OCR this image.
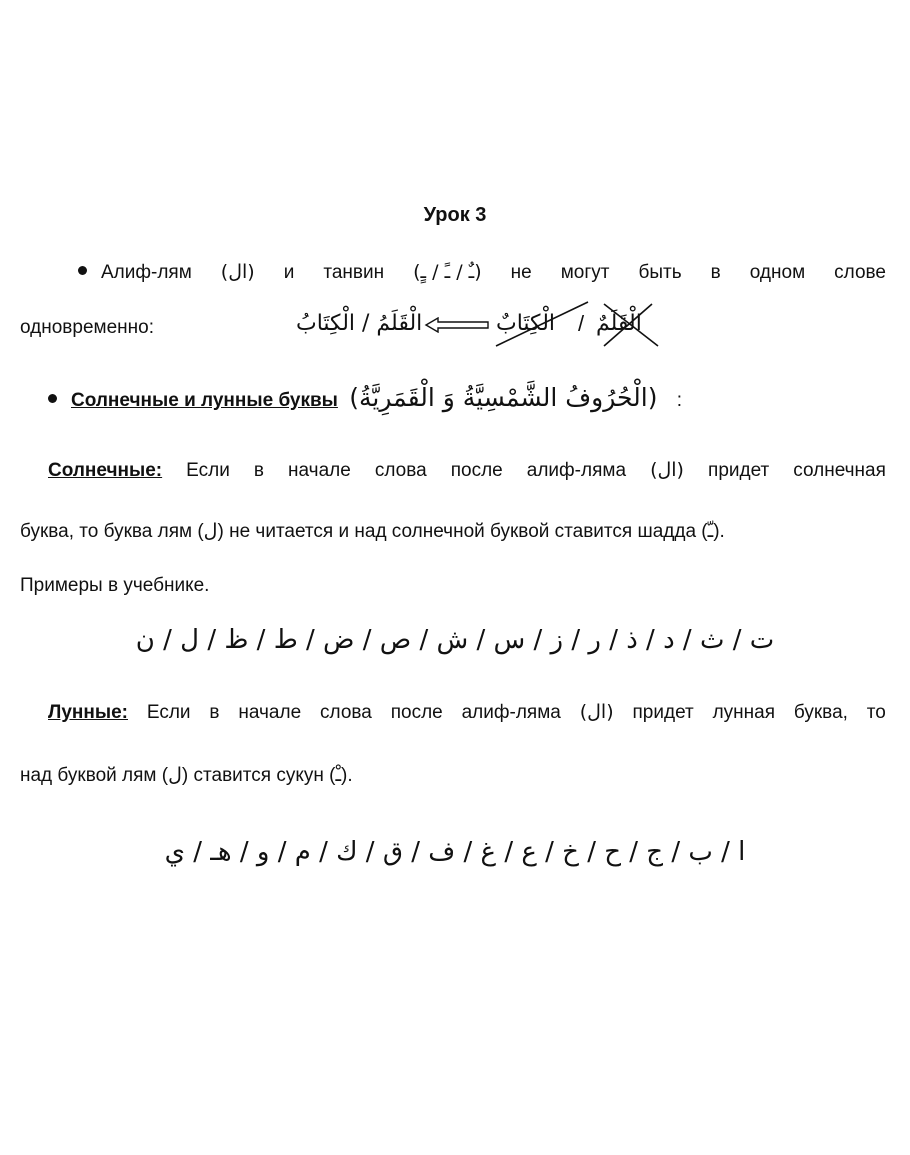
Урок 3
Алиф-лям (ال) и танвин (ـٌ / ـً / ـٍ) не могут быть в одном слове
одновременно:	الْقَلَمُ / الْكِتَابُ	الْكِتَابٌ / الْقَلَمٌ
Солнечные и лунные буквы (الْحُرُوفُ الشَّمْسِيَّةُ وَ الْقَمَرِيَّةُ) :
Солнечные: Если в начале слова после алиф-ляма (ال) придет солнечная
буква, то буква лям (ل) не читается и над солнечной буквой ставится шадда (ـّ).
Примеры в учебнике.
ت / ث / د / ذ / ر / ز / س / ش / ص / ض / ط / ظ / ل / ن
Лунные: Если в начале слова после алиф-ляма (ال) придет лунная буква, то
над буквой лям (ل) ставится сукун (ـْ).
ا / ب / ج / ح / خ / ع / غ / ف / ق / ك / م / و / هـ / ي
